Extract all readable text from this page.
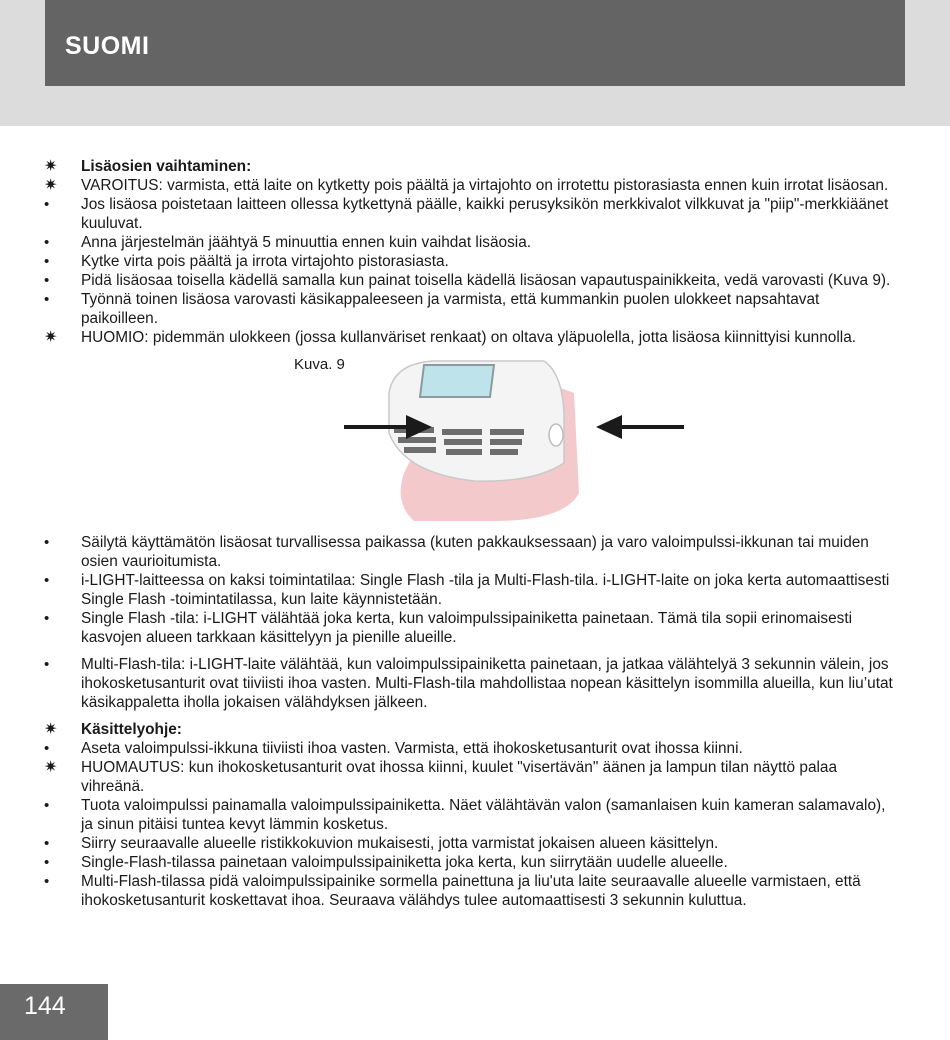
SUOMI
✷	Lisäosien vaihtaminen:
✷	VAROITUS: varmista, että laite on kytketty pois päältä ja virtajohto on irrotettu pistorasiasta ennen kuin irrotat lisäosan.
•	Jos lisäosa poistetaan laitteen ollessa kytkettynä päälle, kaikki perusyksikön merkkivalot vilkkuvat ja "piip"-merkkiäänet kuuluvat.
•	Anna järjestelmän jäähtyä 5 minuuttia ennen kuin vaihdat lisäosia.
•	Kytke virta pois päältä ja irrota virtajohto pistorasiasta.
•	Pidä lisäosaa toisella kädellä samalla kun painat toisella kädellä lisäosan vapautuspainikkeita, vedä varovasti (Kuva 9).
•	Työnnä toinen lisäosa varovasti käsikappaleeseen ja varmista, että kummankin puolen ulokkeet napsahtavat paikoilleen.
✷	HUOMIO: pidemmän ulokkeen (jossa kullanväriset renkaat) on oltava yläpuolella, jotta lisäosa kiinnittyisi kunnolla.
Kuva. 9
•	Säilytä käyttämätön lisäosat turvallisessa paikassa (kuten pakkauksessaan) ja varo valoimpulssi-ikkunan tai muiden osien vaurioitumista.
•	i-LIGHT-laitteessa on kaksi toimintatilaa: Single Flash -tila ja Multi-Flash-tila. i-LIGHT-laite on joka kerta automaattisesti Single Flash -toimintatilassa, kun laite käynnistetään.
•	Single Flash -tila: i-LIGHT välähtää joka kerta, kun valoimpulssipainiketta painetaan. Tämä tila sopii erinomaisesti kasvojen alueen tarkkaan käsittelyyn ja pienille alueille.
•	Multi-Flash-tila: i-LIGHT-laite välähtää, kun valoimpulssipainiketta painetaan, ja jatkaa välähtelyä 3 sekunnin välein, jos ihokosketusanturit ovat tiiviisti ihoa vasten. Multi-Flash-tila mahdollistaa nopean käsittelyn isommilla alueilla, kun liu’utat käsikappaletta iholla jokaisen välähdyksen jälkeen.
✷	Käsittelyohje:
•	Aseta valoimpulssi-ikkuna tiiviisti ihoa vasten. Varmista, että ihokosketusanturit ovat ihossa kiinni.
✷	HUOMAUTUS: kun ihokosketusanturit ovat ihossa kiinni, kuulet "visertävän" äänen ja lampun tilan näyttö palaa vihreänä.
•	Tuota valoimpulssi painamalla valoimpulssipainiketta. Näet välähtävän valon (samanlaisen kuin kameran salamavalo), ja sinun pitäisi tuntea kevyt lämmin kosketus.
•	Siirry seuraavalle alueelle ristikkokuvion mukaisesti, jotta varmistat jokaisen alueen käsittelyn.
•	Single-Flash-tilassa painetaan valoimpulssipainiketta joka kerta, kun siirrytään uudelle alueelle.
•	Multi-Flash-tilassa pidä valoimpulssipainike sormella painettuna ja liu'uta laite seuraavalle alueelle varmistaen, että ihokosketusanturit koskettavat ihoa. Seuraava välähdys tulee automaattisesti 3 sekunnin kuluttua.
144
